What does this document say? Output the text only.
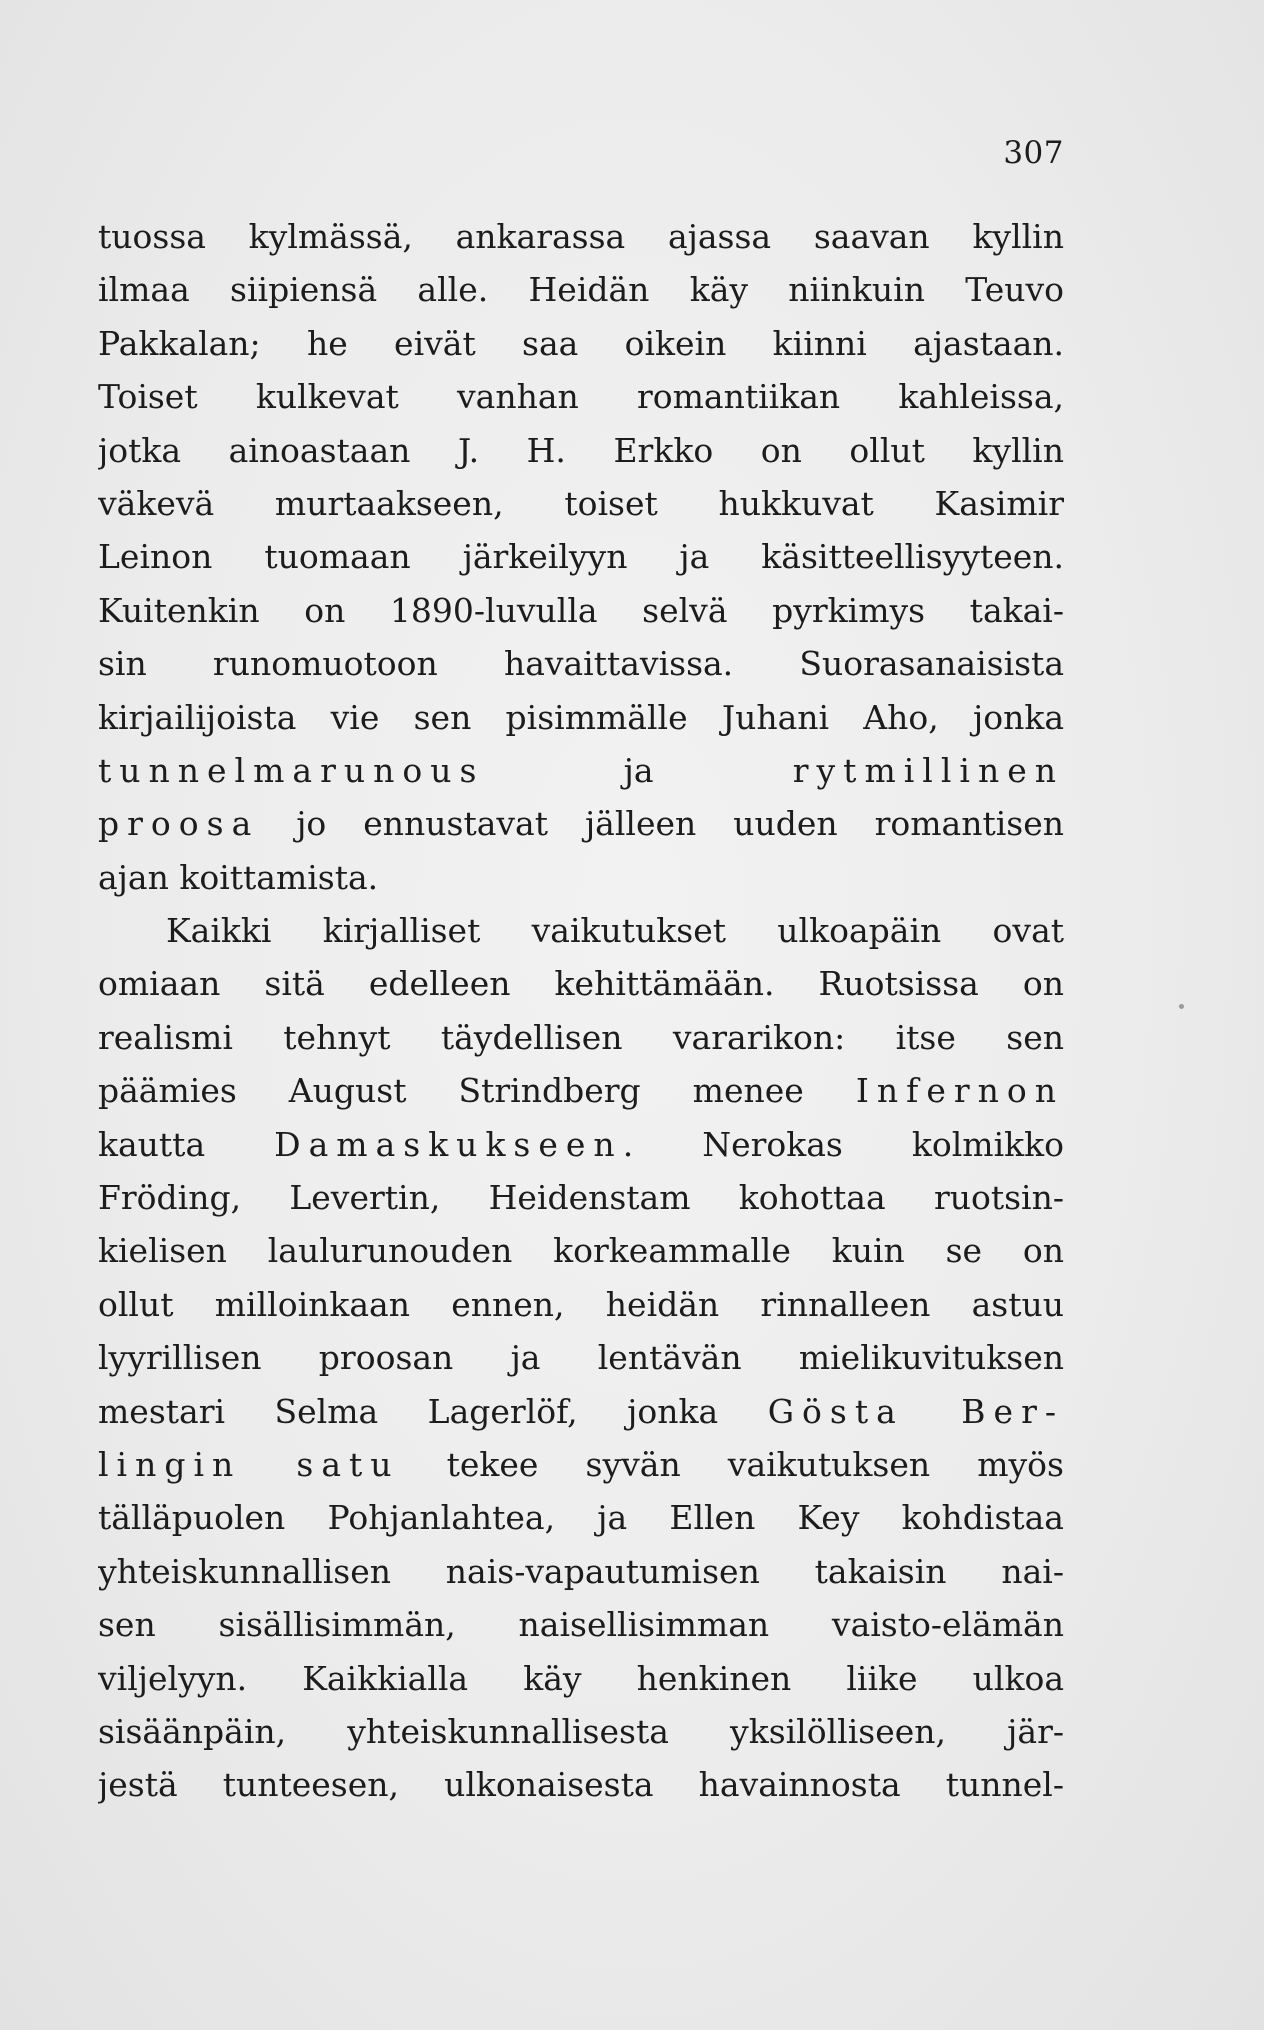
307
tuossa kylmässä, ankarassa ajassa saavan kyllin
ilmaa siipiensä alle. Heidän käy niinkuin Teuvo
Pakkalan; he eivät saa oikein kiinni ajastaan.
Toiset kulkevat vanhan romantiikan kahleissa,
jotka ainoastaan J. H. Erkko on ollut kyllin
väkevä murtaakseen, toiset hukkuvat Kasimir
Leinon tuomaan järkeilyyn ja käsitteellisyyteen.
Kuitenkin on 1890-luvulla selvä pyrkimys takai-
sin runomuotoon havaittavissa. Suorasanaisista
kirjailijoista vie sen pisimmälle Juhani Aho, jonka
tunnelmarunous ja rytmillinen
proosa jo ennustavat jälleen uuden romantisen
ajan koittamista.
Kaikki kirjalliset vaikutukset ulkoapäin ovat
omiaan sitä edelleen kehittämään. Ruotsissa on
realismi tehnyt täydellisen vararikon: itse sen
päämies August Strindberg menee Infernon
kautta Damaskukseen. Nerokas kolmikko
Fröding, Levertin, Heidenstam kohottaa ruotsin-
kielisen laulurunouden korkeammalle kuin se on
ollut milloinkaan ennen, heidän rinnalleen astuu
lyyrillisen proosan ja lentävän mielikuvituksen
mestari Selma Lagerlöf, jonka Gösta Ber-
lingin satu tekee syvän vaikutuksen myös
tälläpuolen Pohjanlahtea, ja Ellen Key kohdistaa
yhteiskunnallisen nais-vapautumisen takaisin nai-
sen sisällisimmän, naisellisimman vaisto-elämän
viljelyyn. Kaikkialla käy henkinen liike ulkoa
sisäänpäin, yhteiskunnallisesta yksilölliseen, jär-
jestä tunteesen, ulkonaisesta havainnosta tunnel-
